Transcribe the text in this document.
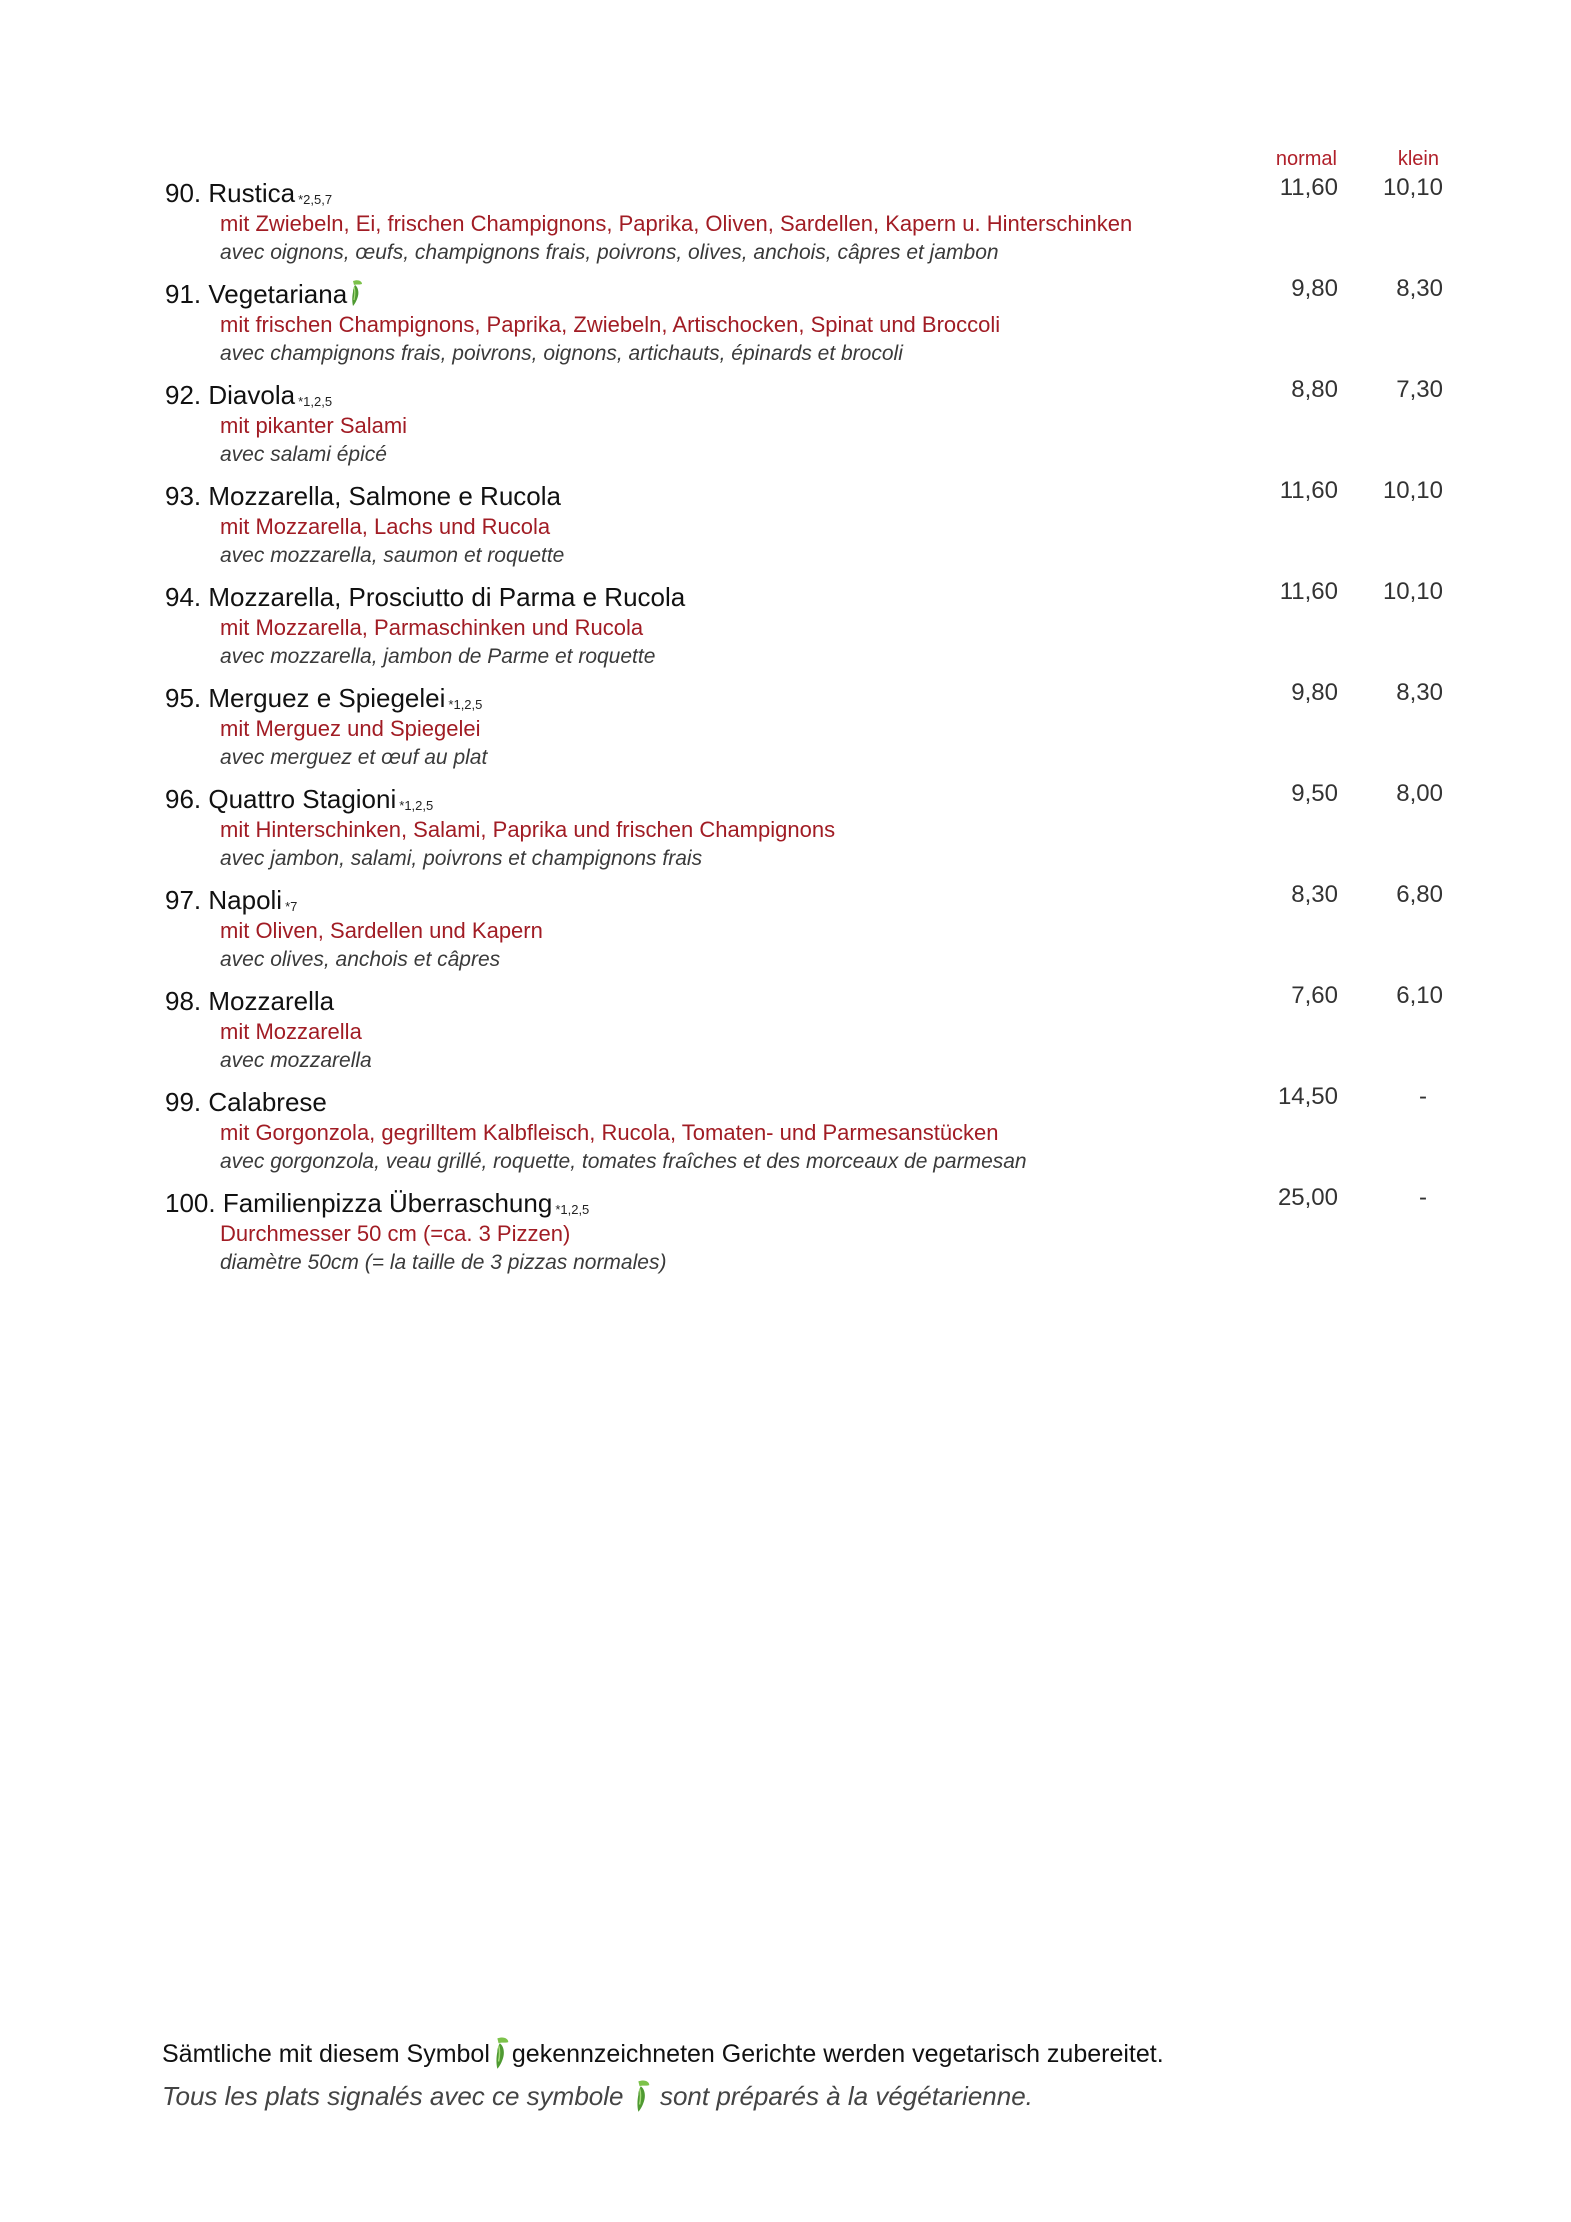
normal	klein
90. Rustica $^{*2,5,7}$
mit Zwiebeln, Ei, frischen Champignons, Paprika, Oliven, Sardellen, Kapern u. Hinterschinken
avec oignons, œufs, champignons frais, poivrons, olives, anchois, câpres et jambon
11,60 10,10
91. Vegetariana
mit frischen Champignons, Paprika, Zwiebeln, Artischocken, Spinat und Broccoli
avec champignons frais, poivrons, oignons, artichauts, épinards et brocoli
9,80 8,30
92. Diavola $^{*1,2,5}$
mit pikanter Salami
avec salami épicé
8,80 7,30
93. Mozzarella, Salmone e Rucola
mit Mozzarella, Lachs und Rucola
avec mozzarella, saumon et roquette
11,60 10,10
94. Mozzarella, Prosciutto di Parma e Rucola
mit Mozzarella, Parmaschinken und Rucola
avec mozzarella, jambon de Parme et roquette
11,60 10,10
95. Merguez e Spiegelei $^{*1,2,5}$
mit Merguez und Spiegelei
avec merguez et œuf au plat
9,80 8,30
96. Quattro Stagioni $^{*1,2,5}$
mit Hinterschinken, Salami, Paprika und frischen Champignons
avec jambon, salami, poivrons et champignons frais
9,50 8,00
97. Napoli $^{*7}$
mit Oliven, Sardellen und Kapern
avec olives, anchois et câpres
8,30 6,80
98. Mozzarella
mit Mozzarella
avec mozzarella
7,60 6,10
99. Calabrese
mit Gorgonzola, gegrilltem Kalbfleisch, Rucola, Tomaten- und Parmesanstücken
avec gorgonzola, veau grillé, roquette, tomates fraîches et des morceaux de parmesan
14,50	-
100. Familienpizza Überraschung $^{*1,2,5}$
Durchmesser 50 cm (=ca. 3 Pizzen)
diamètre 50cm (= la taille de 3 pizzas normales)
25,00	-
Sämtliche mit diesem Symbol gekennzeichneten Gerichte werden vegetarisch zubereitet.
Tous les plats signalés avec ce symbole sont préparés à la végétarienne.
